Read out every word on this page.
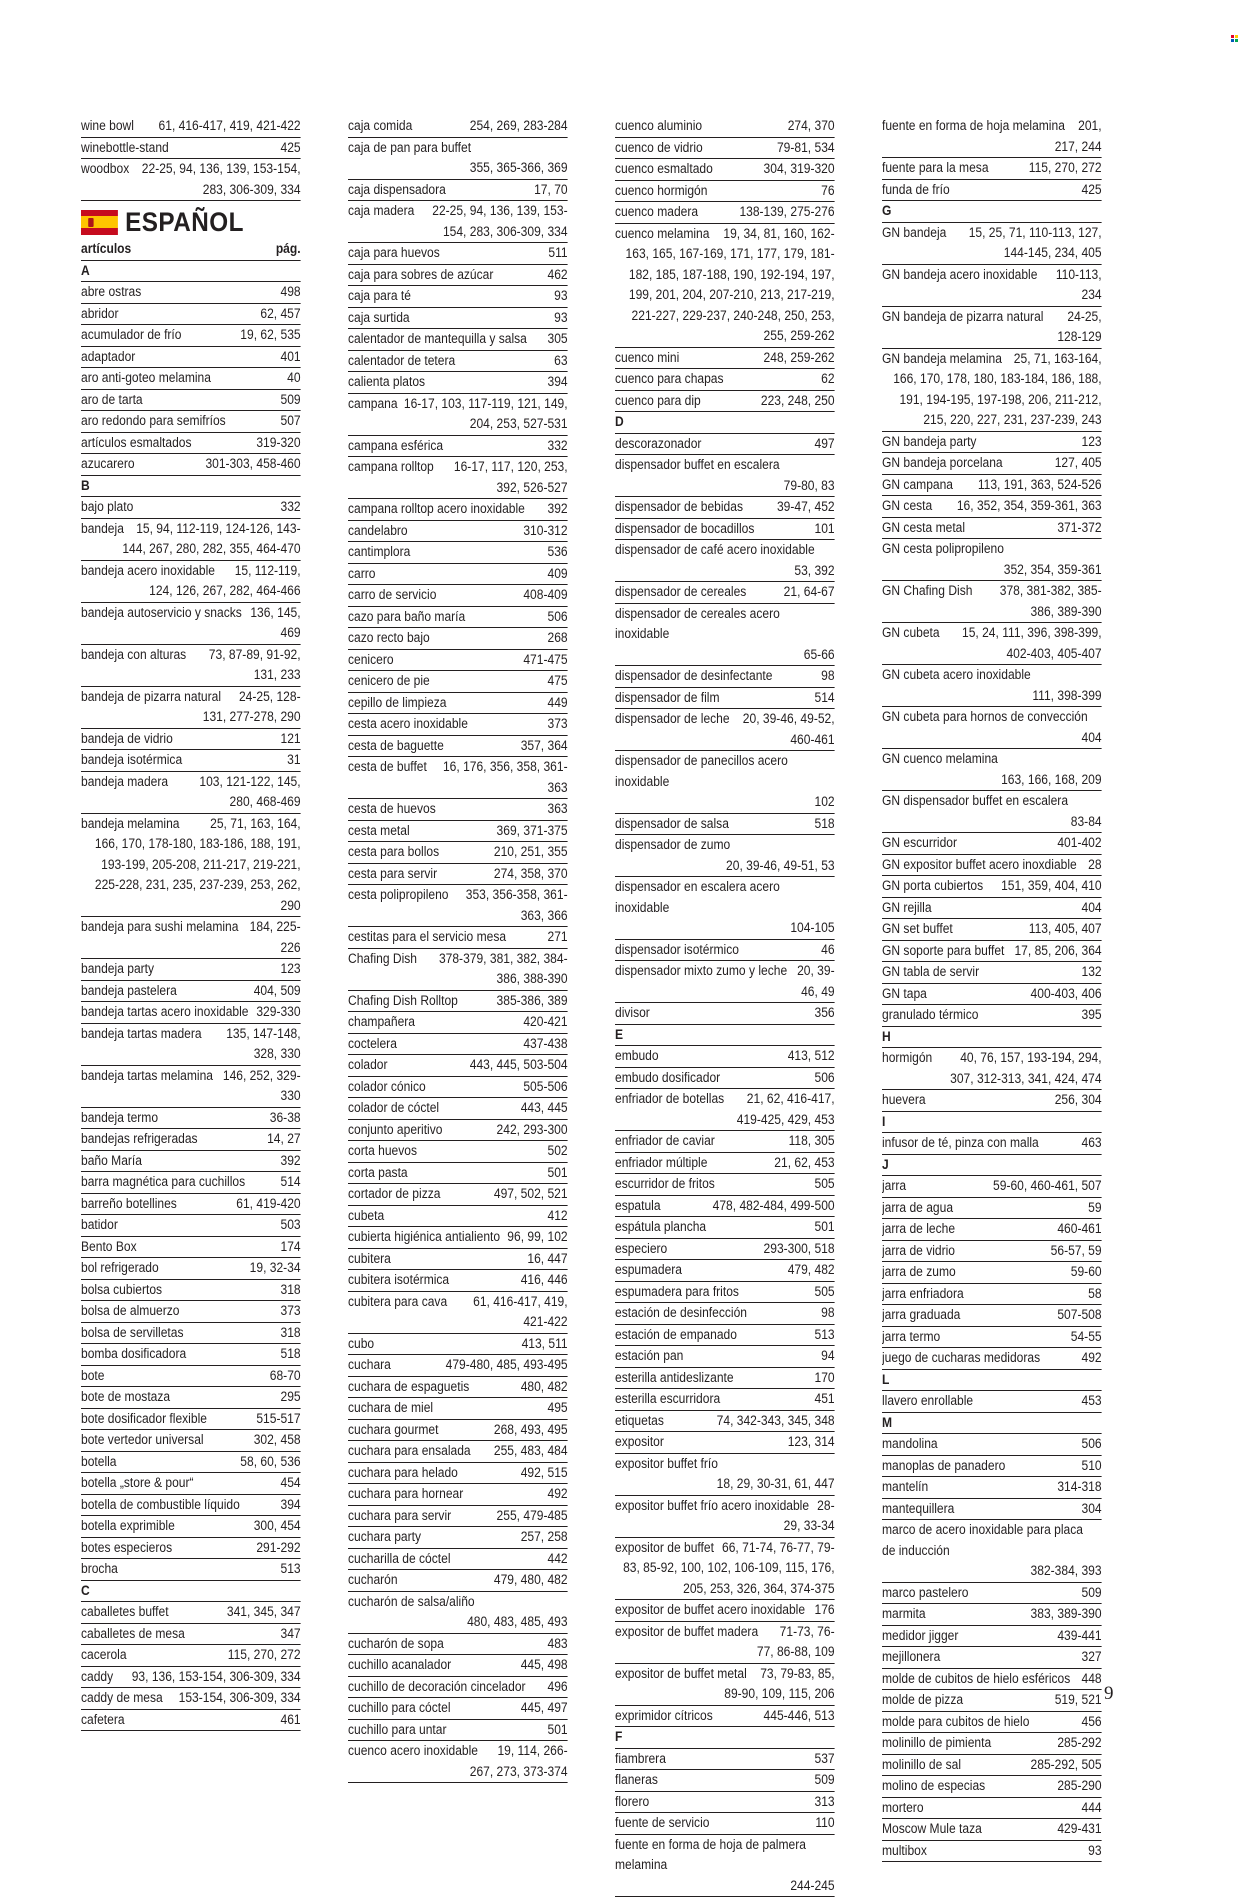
wine bowl 61, 416-417, 419, 421-422
winebottle-stand	425
woodbox 22-25, 94, 136, 139, 153-154, 283, 306-309, 334
ESPAÑOL
artículos	pág.
A
abre ostras	498
abridor	62, 457
acumulador de frío	19, 62, 535
adaptador	401
aro anti-goteo melamina	40
aro de tarta	509
aro redondo para semifríos	507
artículos esmaltados	319-320
azucarero	301-303, 458-460
B
bajo plato	332
bandeja 15, 94, 112-119, 124-126, 143-144, 267, 280, 282, 355, 464-470
bandeja acero inoxidable	15, 112-119, 124, 126, 267, 282, 464-466
bandeja autoservicio y snacks 136, 145, 469
bandeja con alturas	73, 87-89, 91-92, 131, 233
bandeja de pizarra natural	24-25, 128-131, 277-278, 290
bandeja de vidrio	121
bandeja isotérmica	31
bandeja madera	103, 121-122, 145, 280, 468-469
bandeja melamina	25, 71, 163, 164, 166, 170, 178-180, 183-186, 188, 191, 193-199, 205-208, 211-217, 219-221, 225-228, 231, 235, 237-239, 253, 262, 290
bandeja para sushi melamina 184, 225-226
bandeja party	123
bandeja pastelera	404, 509
bandeja tartas acero inoxidable 329-330
bandeja tartas madera	135, 147-148, 328, 330
bandeja tartas melamina 146, 252, 329-330
bandeja termo	36-38
bandejas refrigeradas	14, 27
baño María	392
barra magnética para cuchillos	514
barreño botellines	61, 419-420
batidor	503
Bento Box	174
bol refrigerado	19, 32-34
bolsa cubiertos	318
bolsa de almuerzo	373
bolsa de servilletas	318
bomba dosificadora	518
bote	68-70
bote de mostaza	295
bote dosificador flexible	515-517
bote vertedor universal	302, 458
botella	58, 60, 536
botella „store & pour“	454
botella de combustible líquido	394
botella exprimible	300, 454
botes especieros	291-292
brocha	513
C
caballetes buffet	341, 345, 347
caballetes de mesa	347
cacerola	115, 270, 272
caddy 93, 136, 153-154, 306-309, 334
caddy de mesa 153-154, 306-309, 334
cafetera	461
caja comida	254, 269, 283-284
caja de pan para buffet
355, 365-366, 369
caja dispensadora	17, 70
caja madera	22-25, 94, 136, 139, 153-154, 283, 306-309, 334
caja para huevos	511
caja para sobres de azúcar	462
caja para té	93
caja surtida	93
calentador de mantequilla y salsa 305
calentador de tetera	63
calienta platos	394
campana 16-17, 103, 117-119, 121, 149, 204, 253, 527-531
campana esférica	332
campana rolltop	16-17, 117, 120, 253, 392, 526-527
campana rolltop acero inoxidable 392
candelabro	310-312
cantimplora	536
carro	409
carro de servicio	408-409
cazo para baño maría	506
cazo recto bajo	268
cenicero	471-475
cenicero de pie	475
cepillo de limpieza	449
cesta acero inoxidable	373
cesta de baguette	357, 364
cesta de buffet	16, 176, 356, 358, 361-363
cesta de huevos	363
cesta metal	369, 371-375
cesta para bollos	210, 251, 355
cesta para servir	274, 358, 370
cesta polipropileno	353, 356-358, 361-363, 366
cestitas para el servicio mesa	271
Chafing Dish	378-379, 381, 382, 384-386, 388-390
Chafing Dish Rolltop	385-386, 389
champañera	420-421
coctelera	437-438
colador	443, 445, 503-504
colador cónico	505-506
colador de cóctel	443, 445
conjunto aperitivo	242, 293-300
corta huevos	502
corta pasta	501
cortador de pizza	497, 502, 521
cubeta	412
cubierta higiénica antialiento 96, 99, 102
cubitera	16, 447
cubitera isotérmica	416, 446
cubitera para cava	61, 416-417, 419, 421-422
cubo	413, 511
cuchara	479-480, 485, 493-495
cuchara de espaguetis	480, 482
cuchara de miel	495
cuchara gourmet	268, 493, 495
cuchara para ensalada 255, 483, 484
cuchara para helado	492, 515
cuchara para hornear	492
cuchara para servir	255, 479-485
cuchara party	257, 258
cucharilla de cóctel	442
cucharón	479, 480, 482
cucharón de salsa/aliño
480, 483, 485, 493
cucharón de sopa	483
cuchillo acanalador	445, 498
cuchillo de decoración cincelador 496
cuchillo para cóctel	445, 497
cuchillo para untar	501
cuenco acero inoxidable	19, 114, 266-267, 273, 373-374
cuenco aluminio	274, 370
cuenco de vidrio	79-81, 534
cuenco esmaltado	304, 319-320
cuenco hormigón	76
cuenco madera	138-139, 275-276
cuenco melamina	19, 34, 81, 160, 162-163, 165, 167-169, 171, 177, 179, 181-182, 185, 187-188, 190, 192-194, 197, 199, 201, 204, 207-210, 213, 217-219, 221-227, 229-237, 240-248, 250, 253, 255, 259-262
cuenco mini	248, 259-262
cuenco para chapas	62
cuenco para dip	223, 248, 250
D
descorazonador	497
dispensador buffet en escalera
79-80, 83
dispensador de bebidas	39-47, 452
dispensador de bocadillos	101
dispensador de café acero inoxidable
53, 392
dispensador de cereales	21, 64-67
dispensador de cereales acero inoxidable
65-66
dispensador de desinfectante	98
dispensador de film	514
dispensador de leche 20, 39-46, 49-52, 460-461
dispensador de panecillos acero inoxidable
102
dispensador de salsa	518
dispensador de zumo
20, 39-46, 49-51, 53
dispensador en escalera acero inoxidable
104-105
dispensador isotérmico	46
dispensador mixto zumo y leche 20, 39-46, 49
divisor	356
E
embudo	413, 512
embudo dosificador	506
enfriador de botellas	21, 62, 416-417, 419-425, 429, 453
enfriador de caviar	118, 305
enfriador múltiple	21, 62, 453
escurridor de fritos	505
espatula	478, 482-484, 499-500
espátula plancha	501
especiero	293-300, 518
espumadera	479, 482
espumadera para fritos	505
estación de desinfección	98
estación de empanado	513
estación pan	94
esterilla antideslizante	170
esterilla escurridora	451
etiquetas	74, 342-343, 345, 348
expositor	123, 314
expositor buffet frío
18, 29, 30-31, 61, 447
expositor buffet frío acero inoxidable 28-29, 33-34
expositor de buffet 66, 71-74, 76-77, 79-83, 85-92, 100, 102, 106-109, 115, 176, 205, 253, 326, 364, 374-375
expositor de buffet acero inoxidable 176
expositor de buffet madera	71-73, 76-77, 86-88, 109
expositor de buffet metal	73, 79-83, 85, 89-90, 109, 115, 206
exprimidor cítricos	445-446, 513
F
fiambrera	537
flaneras	509
florero	313
fuente de servicio	110
fuente en forma de hoja de palmera melamina
244-245
fuente en forma de hoja melamina 201, 217, 244
fuente para la mesa	115, 270, 272
funda de frío	425
G
GN bandeja	15, 25, 71, 110-113, 127, 144-145, 234, 405
GN bandeja acero inoxidable	110-113, 234
GN bandeja de pizarra natural	24-25, 128-129
GN bandeja melamina 25, 71, 163-164, 166, 170, 178, 180, 183-184, 186, 188, 191, 194-195, 197-198, 206, 211-212, 215, 220, 227, 231, 237-239, 243
GN bandeja party	123
GN bandeja porcelana	127, 405
GN campana 113, 191, 363, 524-526
GN cesta 16, 352, 354, 359-361, 363
GN cesta metal	371-372
GN cesta polipropileno
352, 354, 359-361
GN Chafing Dish	378, 381-382, 385-386, 389-390
GN cubeta	15, 24, 111, 396, 398-399, 402-403, 405-407
GN cubeta acero inoxidable
111, 398-399
GN cubeta para hornos de convección
404
GN cuenco melamina
163, 166, 168, 209
GN dispensador buffet en escalera
83-84
GN escurridor	401-402
GN expositor buffet acero inoxdiable 28
GN porta cubiertos 151, 359, 404, 410
GN rejilla	404
GN set buffet	113, 405, 407
GN soporte para buffet 17, 85, 206, 364
GN tabla de servir	132
GN tapa	400-403, 406
granulado térmico	395
H
hormigón	40, 76, 157, 193-194, 294, 307, 312-313, 341, 424, 474
huevera	256, 304
I
infusor de té, pinza con malla	463
J
jarra	59-60, 460-461, 507
jarra de agua	59
jarra de leche	460-461
jarra de vidrio	56-57, 59
jarra de zumo	59-60
jarra enfriadora	58
jarra graduada	507-508
jarra termo	54-55
juego de cucharas medidoras	492
L
llavero enrollable	453
M
mandolina	506
manoplas de panadero	510
mantelín	314-318
mantequillera	304
marco de acero inoxidable para placa de inducción
382-384, 393
marco pastelero	509
marmita	383, 389-390
medidor jigger	439-441
mejillonera	327
molde de cubitos de hielo esféricos 448
molde de pizza	519, 521
molde para cubitos de hielo	456
molinillo de pimienta	285-292
molinillo de sal	285-292, 505
molino de especias	285-290
mortero	444
Moscow Mule taza	429-431
multibox	93
9
